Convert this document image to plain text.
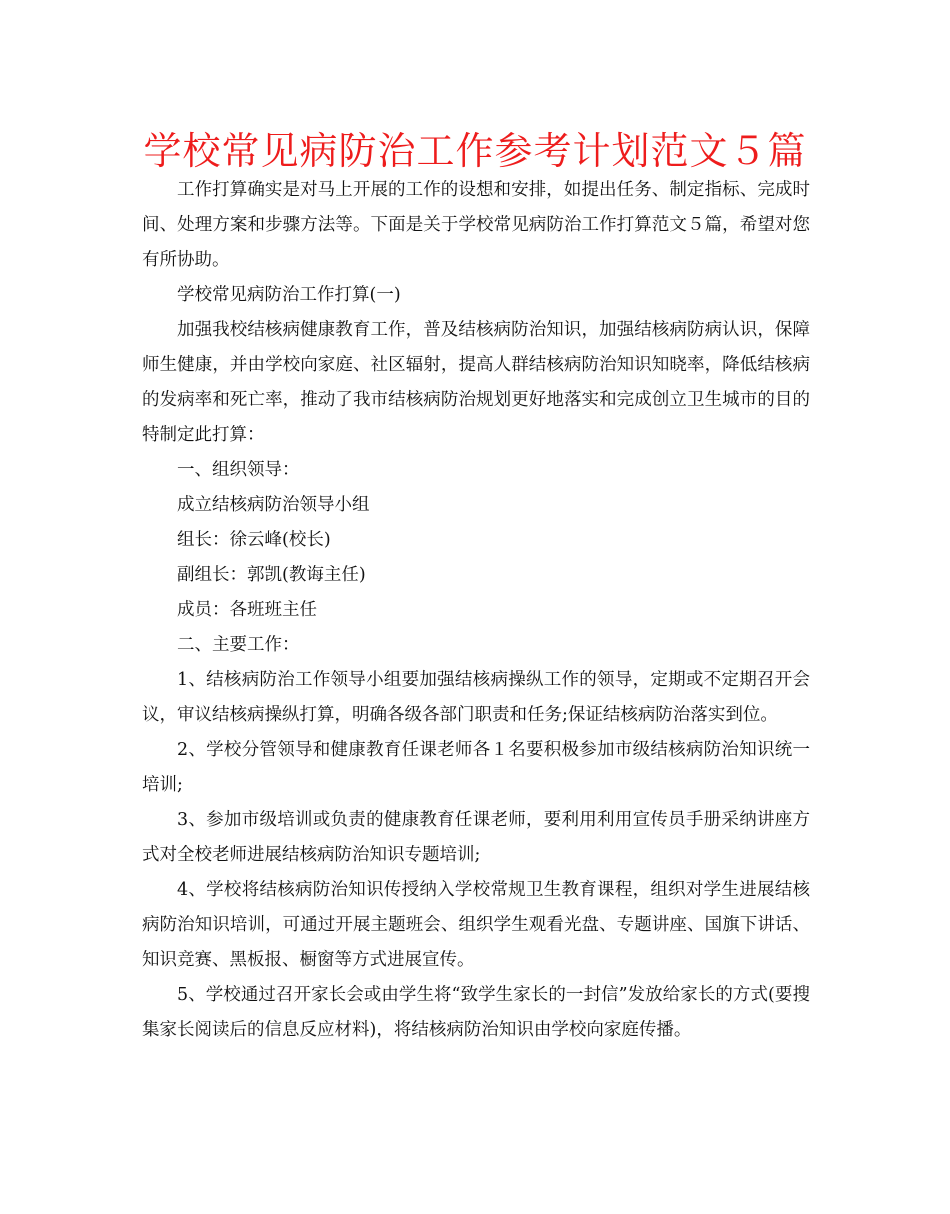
学校常见病防治工作参考计划范文５篇

工作打算确实是对马上开展的工作的设想和安排，如提出任务、制定指标、完成时间、处理方案和步骤方法等。下面是关于学校常见病防治工作打算范文５篇，希望对您有所协助。

学校常见病防治工作打算(一)

加强我校结核病健康教育工作，普及结核病防治知识，加强结核病防病认识，保障师生健康，并由学校向家庭、社区辐射，提高人群结核病防治知识知晓率，降低结核病的发病率和死亡率，推动了我市结核病防治规划更好地落实和完成创立卫生城市的目的特制定此打算：

一、组织领导：

成立结核病防治领导小组

组长：徐云峰(校长)

副组长：郭凯(教诲主任)

成员：各班班主任

二、主要工作：

1、结核病防治工作领导小组要加强结核病操纵工作的领导，定期或不定期召开会议，审议结核病操纵打算，明确各级各部门职责和任务;保证结核病防治落实到位。

2、学校分管领导和健康教育任课老师各１名要积极参加市级结核病防治知识统一培训;

3、参加市级培训或负责的健康教育任课老师，要利用利用宣传员手册采纳讲座方式对全校老师进展结核病防治知识专题培训;

4、学校将结核病防治知识传授纳入学校常规卫生教育课程，组织对学生进展结核病防治知识培训，可通过开展主题班会、组织学生观看光盘、专题讲座、国旗下讲话、知识竞赛、黑板报、橱窗等方式进展宣传。

5、学校通过召开家长会或由学生将“致学生家长的一封信”发放给家长的方式(要搜集家长阅读后的信息反应材料)，将结核病防治知识由学校向家庭传播。
